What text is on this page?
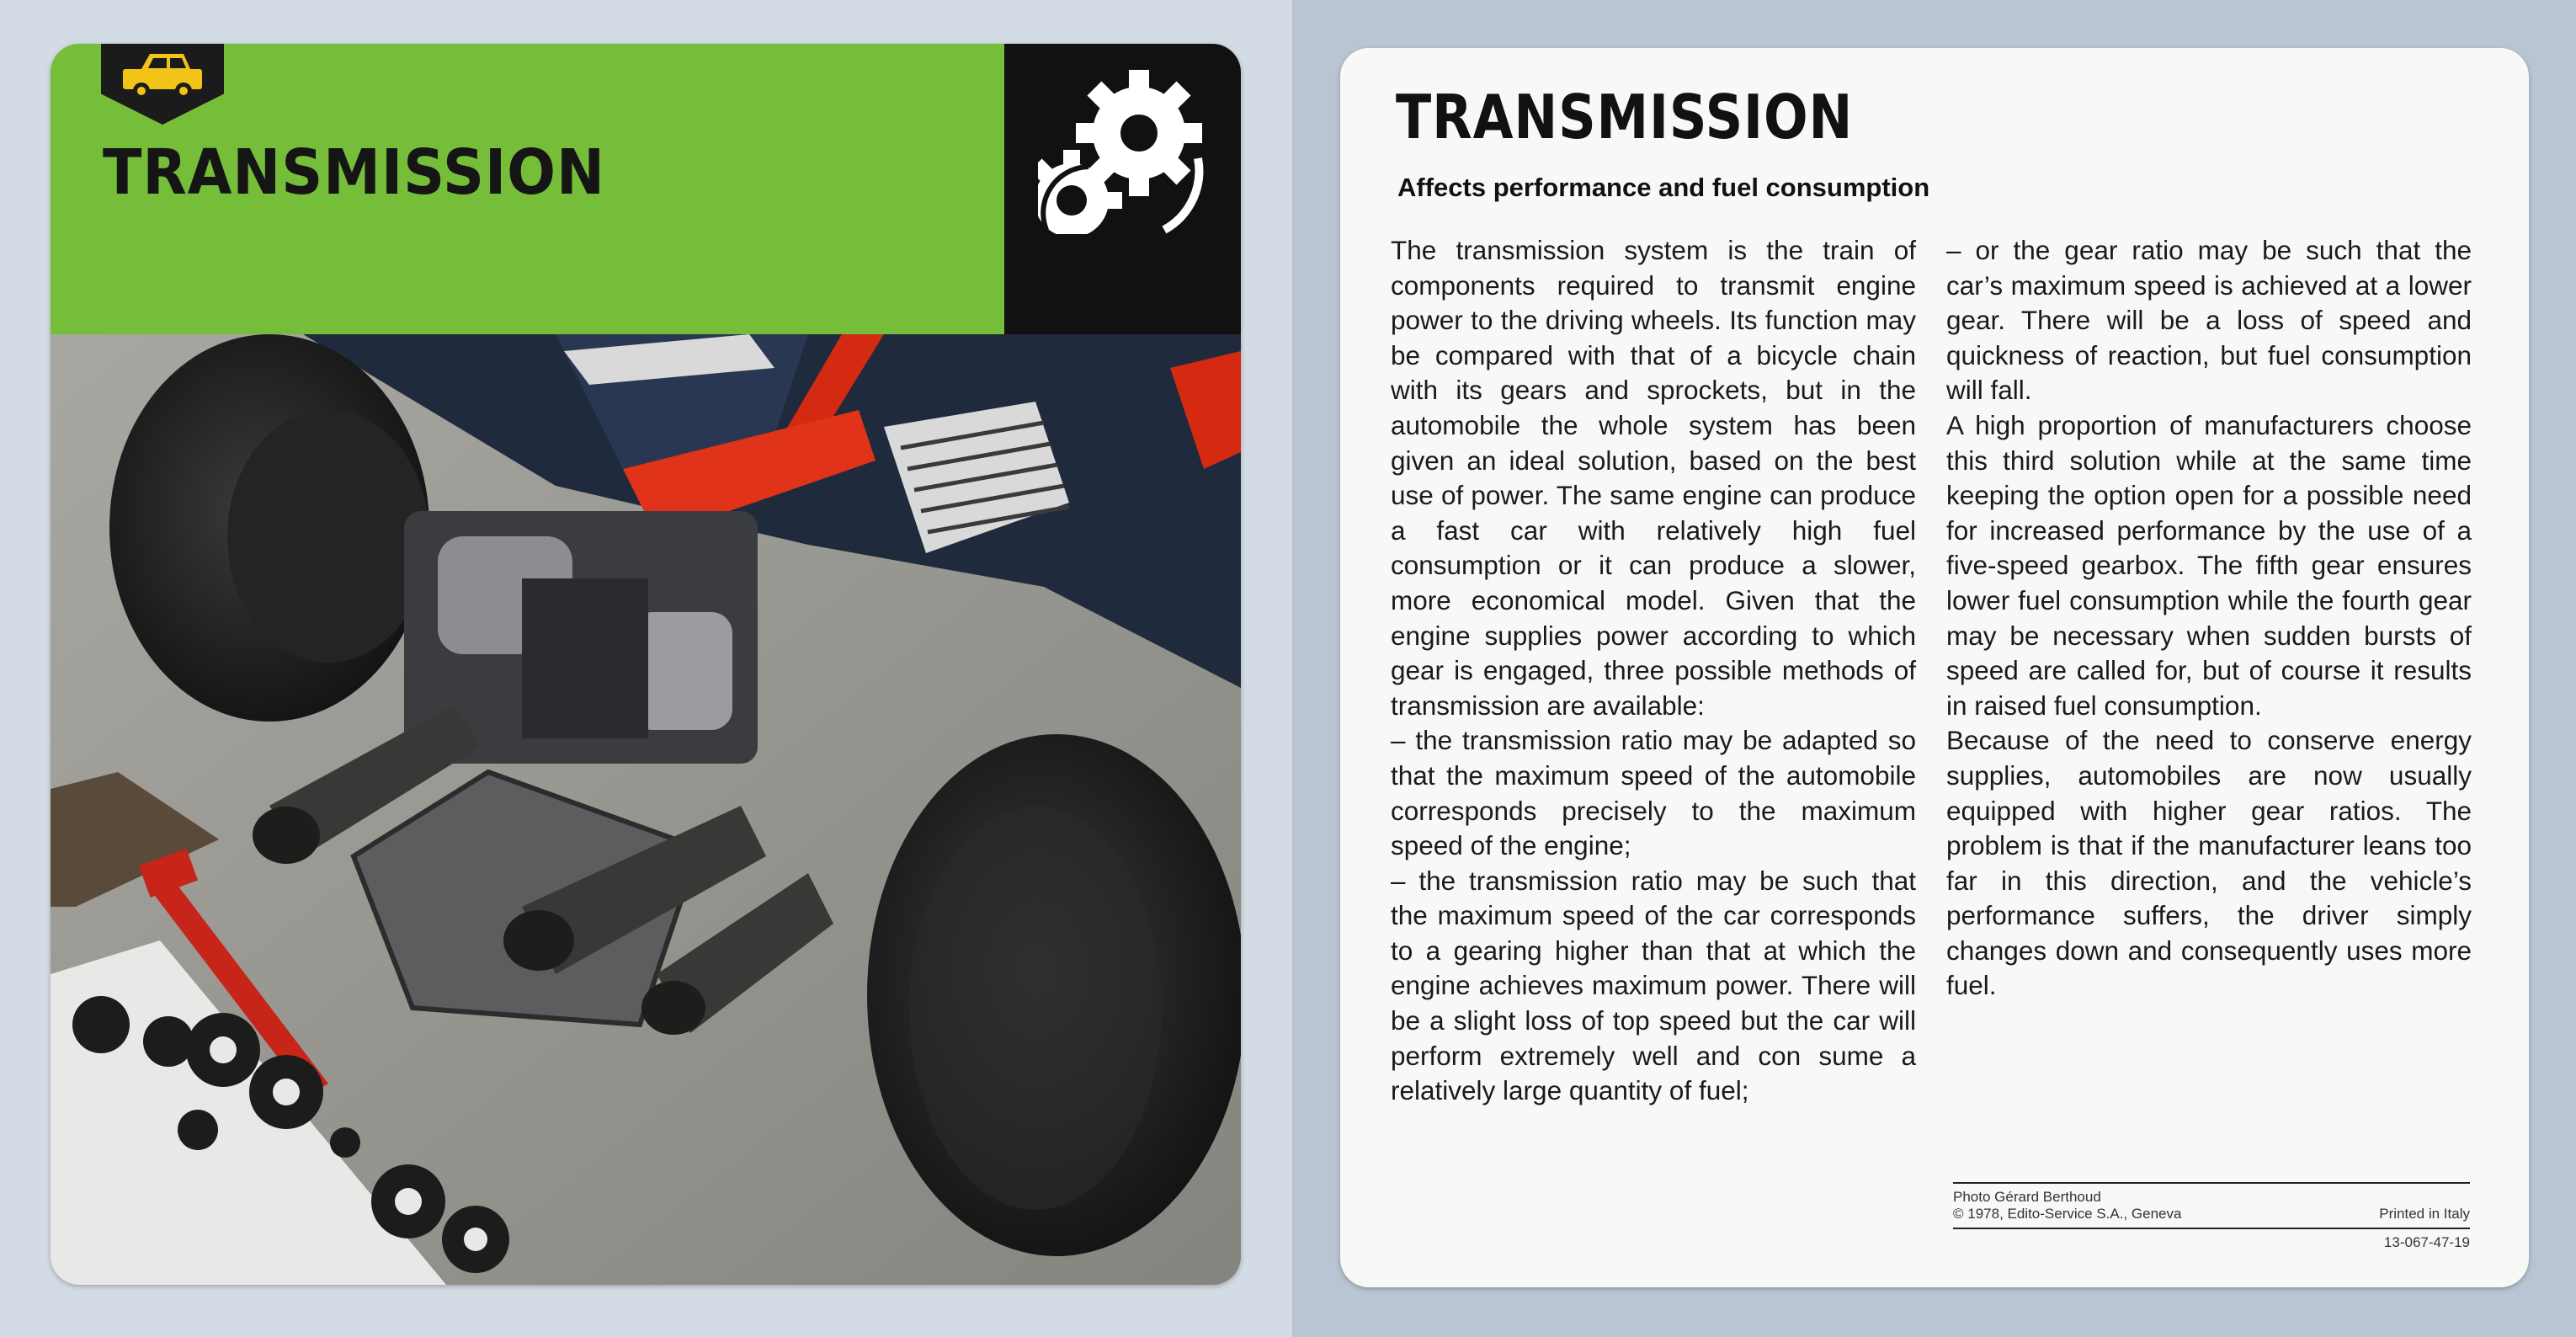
TRANSMISSION
TRANSMISSION
Affects performance and fuel consumption

The transmission system is the train of components required to transmit engine power to the driving wheels. Its function may be compared with that of a bicycle chain with its gears and sprockets, but in the automobile the whole system has been given an ideal solution, based on the best use of power. The same engine can produce a fast car with relatively high fuel consumption or it can produce a slower, more economical model. Given that the engine supplies power according to which gear is engaged, three possible methods of transmission are available:

– the transmission ratio may be adapted so that the maximum speed of the automobile corresponds precisely to the maximum speed of the engine;

– the transmission ratio may be such that the maximum speed of the car corresponds to a gearing higher than that at which the engine achieves maximum power. There will be a slight loss of top speed but the car will perform extremely well and con sume a relatively large quantity of fuel;

– or the gear ratio may be such that the car’s maximum speed is achieved at a lower gear. There will be a loss of speed and quickness of reaction, but fuel consumption will fall.

A high proportion of manufacturers choose this third solution while at the same time keeping the option open for a possible need for increased performance by the use of a five-speed gearbox. The fifth gear ensures lower fuel consumption while the fourth gear may be necessary when sudden bursts of speed are called for, but of course it results in raised fuel consumption.

Because of the need to conserve energy supplies, automobiles are now usually equipped with higher gear ratios. The problem is that if the manufacturer leans too far in this direction, and the vehicle’s performance suffers, the driver simply changes down and consequently uses more fuel.

Photo Gérard Berthoud
© 1978, Edito-Service S.A., Geneva	Printed in Italy
13-067-47-19
